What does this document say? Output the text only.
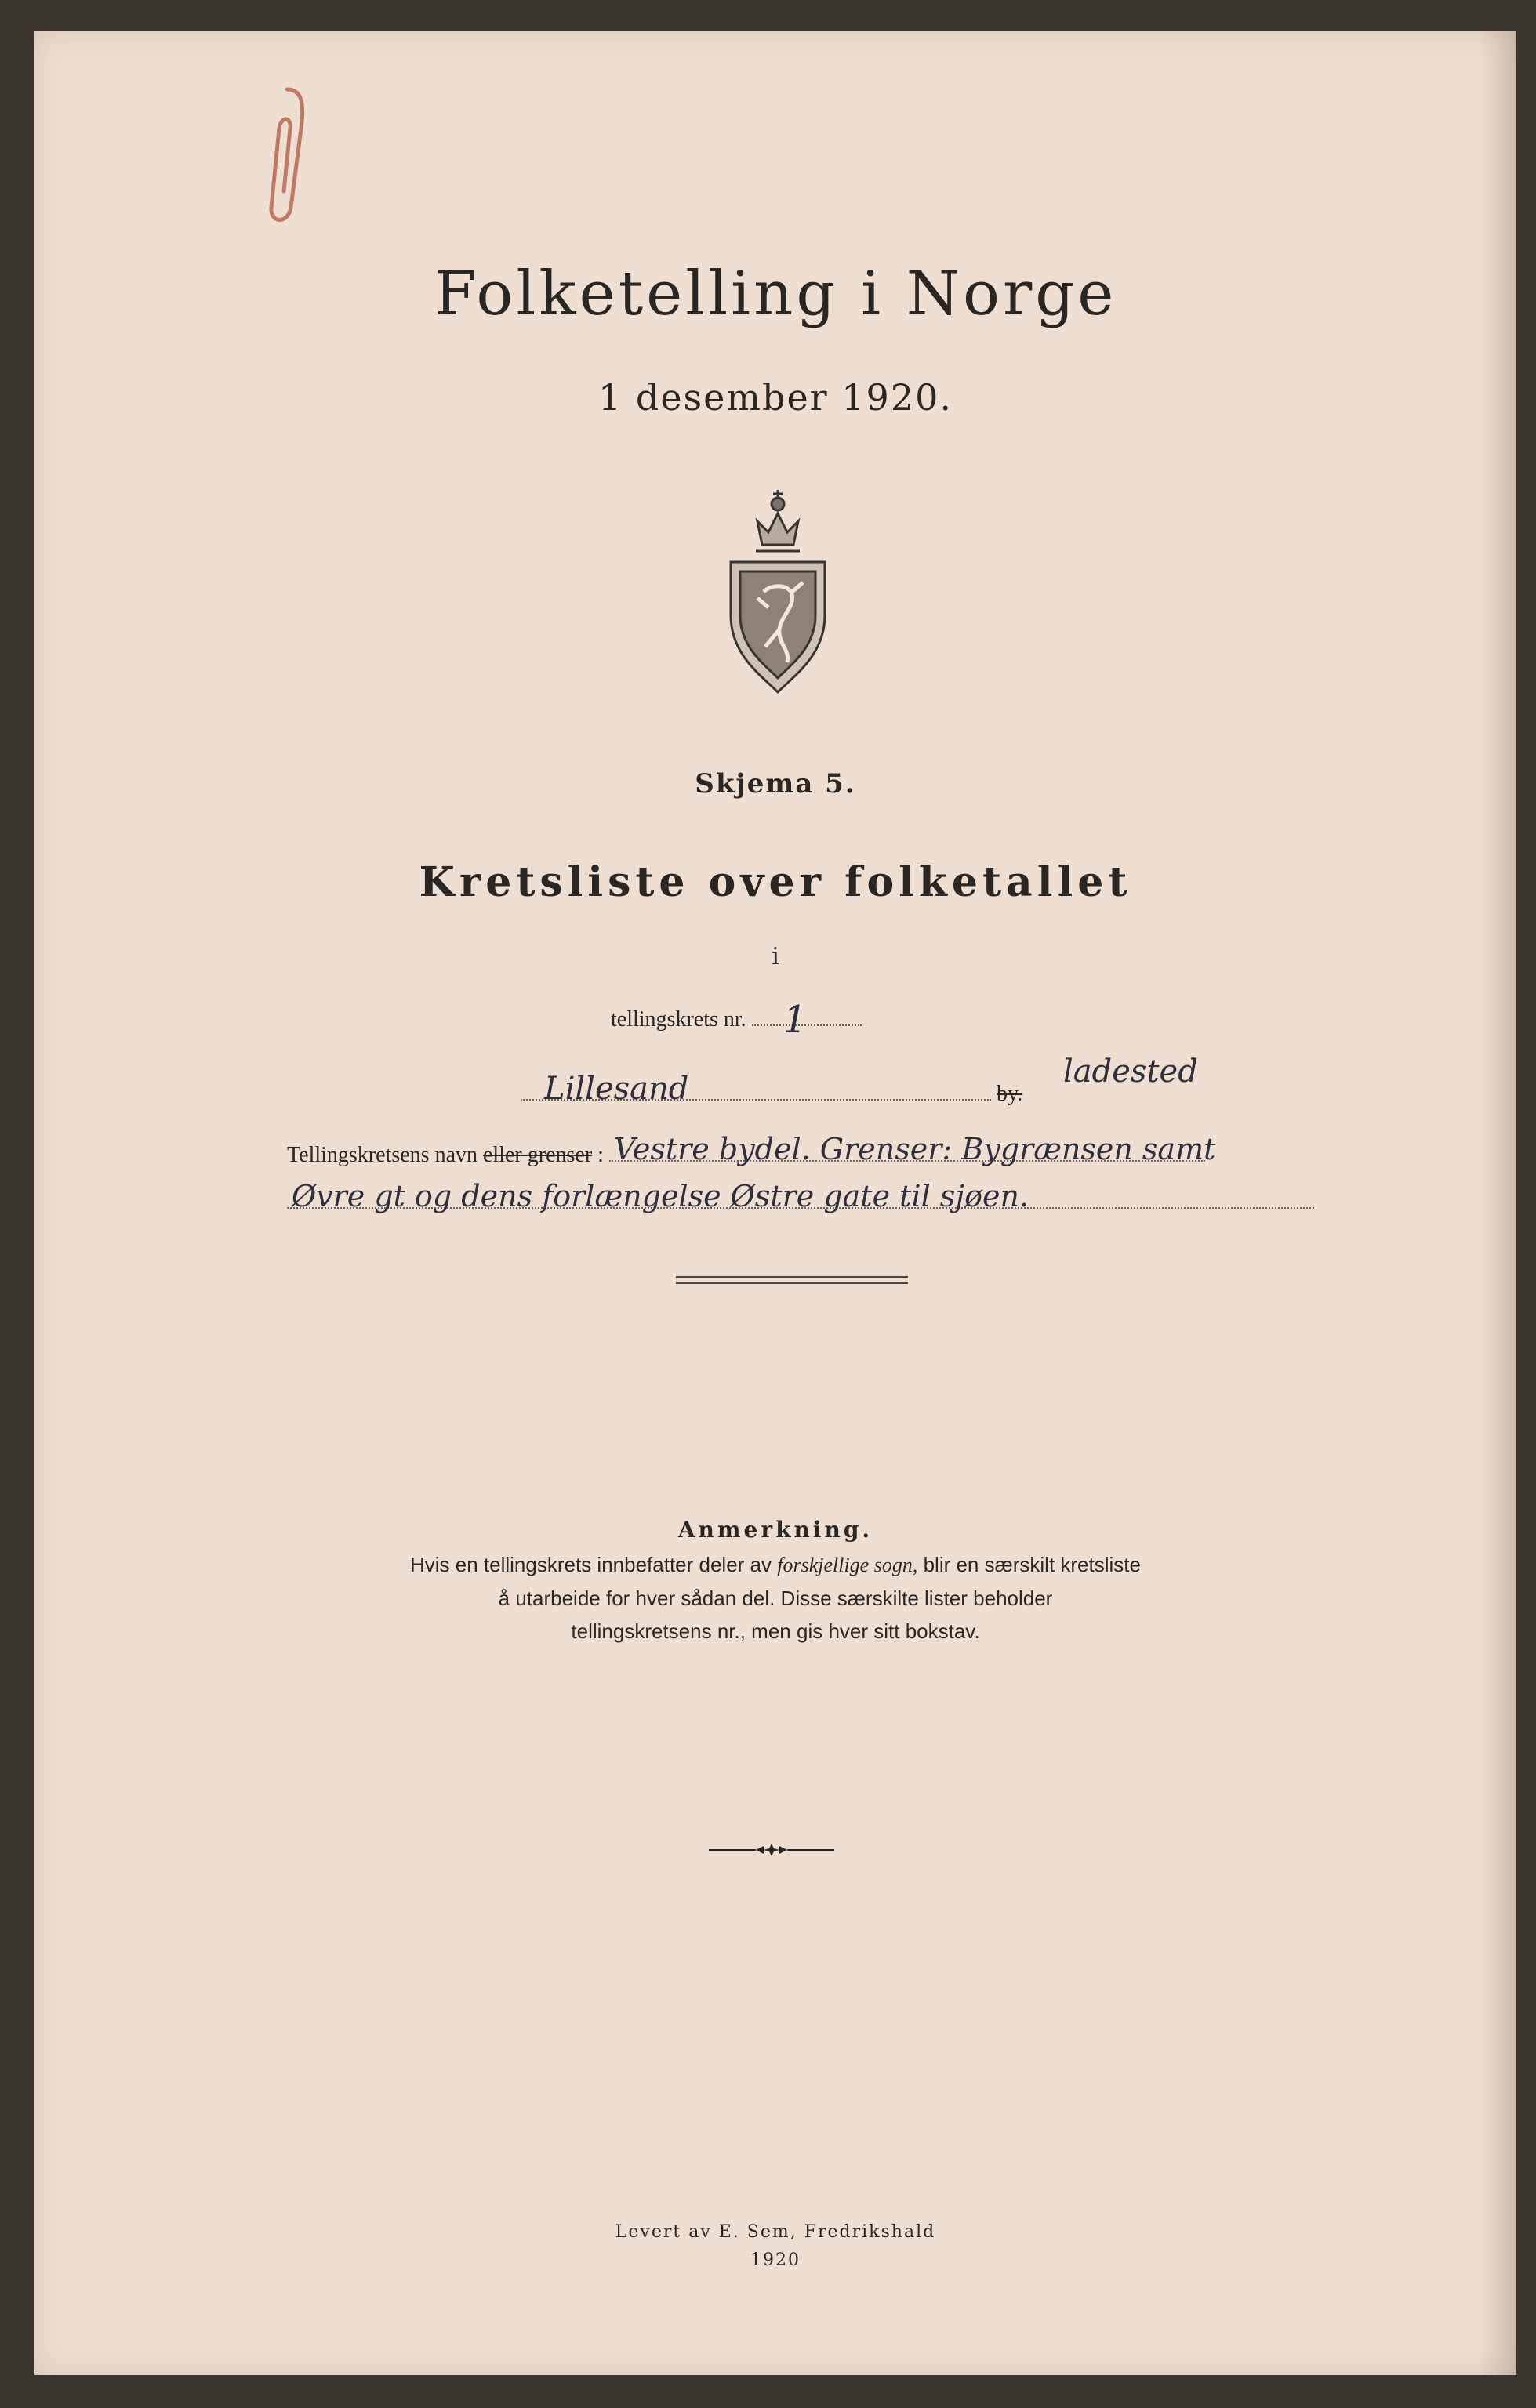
Folketelling i Norge
1 desember 1920.
Skjema 5.
Kretsliste over folketallet
i
tellingskrets nr. 1
Lillesand	by.
ladested
Tellingskretsens navn eller grenser : Vestre bydel. Grenser: Bygrænsen samt
Øvre gt og dens forlængelse Østre gate til sjøen.
Anmerkning.
Hvis en tellingskrets innbefatter deler av forskjellige sogn, blir en særskilt kretsliste
å utarbeide for hver sådan del. Disse særskilte lister beholder
tellingskretsens nr., men gis hver sitt bokstav.
Levert av E. Sem, Fredrikshald
1920
